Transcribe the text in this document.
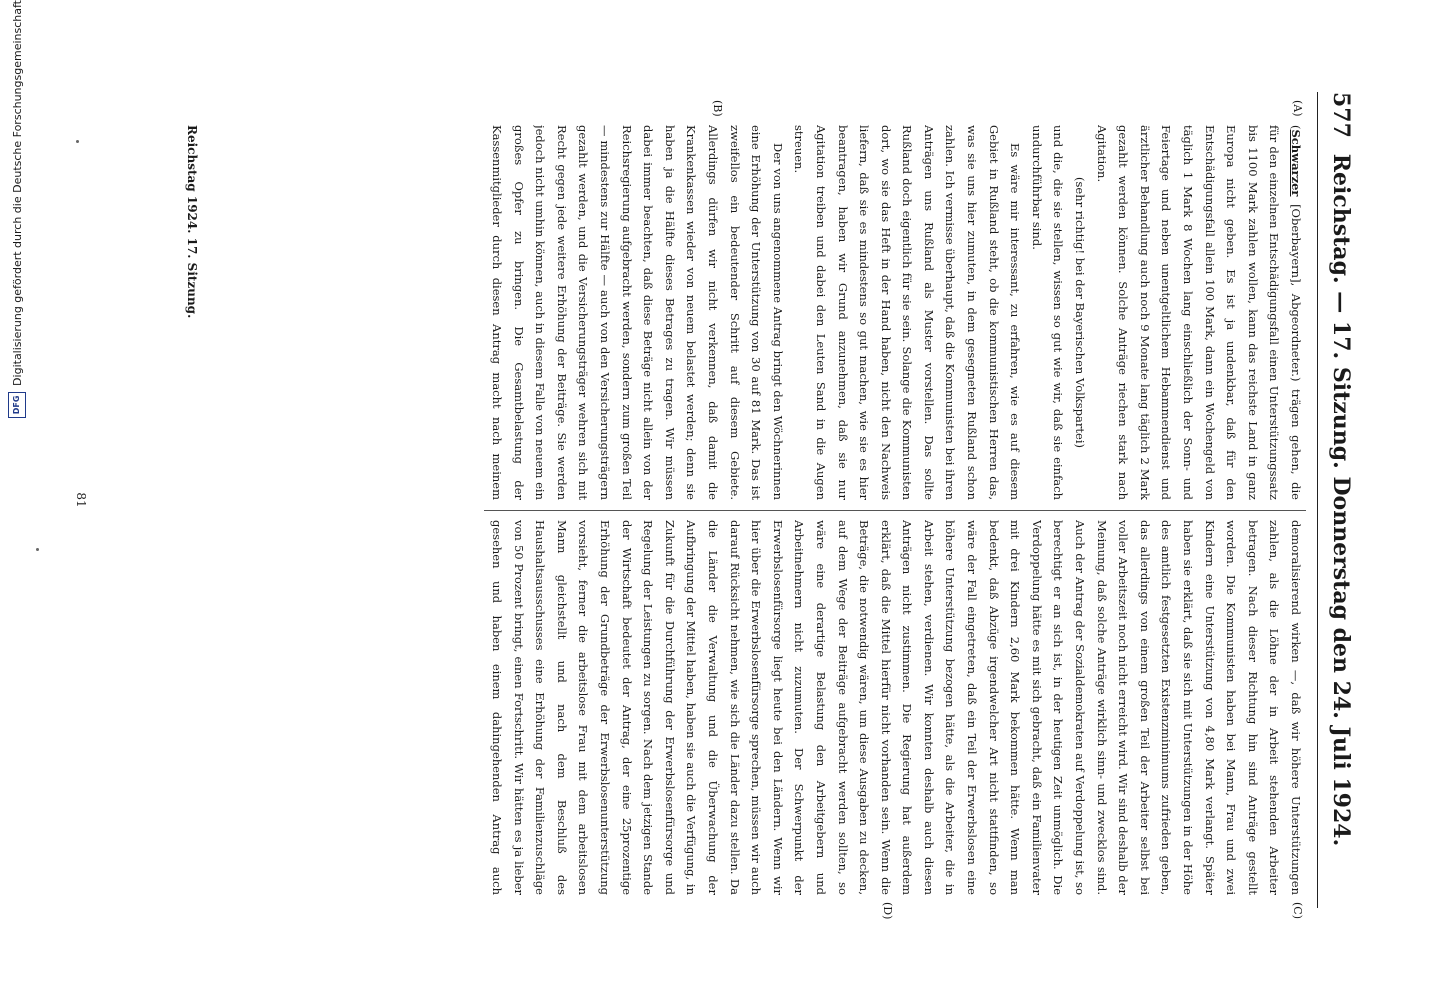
577
Reichstag. — 17. Sitzung. Donnerstag den 24. Juli 1924.
(A)
(B)
(C)
(D)

(Schwarzer [Oberbayern], Abgeordneter.) trägen gehen, die für den einzelnen Entschädigungsfall einen Unterstützungssatz bis 1100 Mark zahlen wollen, kann das reichste Land in ganz Europa nicht geben. Es ist ja undenkbar, daß für den Entschädigungsfall allein 100 Mark, dann ein Wochengeld von täglich 1 Mark 8 Wochen lang einschließlich der Sonn- und Feiertage und neben unentgeltlichem Hebammendienst und ärztlicher Behandlung auch noch 9 Monate lang täglich 2 Mark gezahlt werden können. Solche Anträge riechen stark nach Agitation.

(sehr richtig! bei der Bayerischen Volkspartei)

und die, die sie stellen, wissen so gut wie wir, daß sie einfach undurchführbar sind.

Es wäre mir interessant, zu erfahren, wie es auf diesem Gebiet in Rußland steht, ob die kommunistischen Herren das, was sie uns hier zumuten, in dem gesegneten Rußland schon zahlen. Ich vermisse überhaupt, daß die Kommunisten bei ihren Anträgen uns Rußland als Muster vorstellen. Das sollte Rußland doch eigentlich für sie sein. Solange die Kommunisten dort, wo sie das Heft in der Hand haben, nicht den Nachweis liefern, daß sie es mindestens so gut machen, wie sie es hier beantragen, haben wir Grund anzunehmen, daß sie nur Agitation treiben und dabei den Leuten Sand in die Augen streuen.

Der von uns angenommene Antrag bringt den Wöchnerinnen eine Erhöhung der Unterstützung von 30 auf 81 Mark. Das ist zweifellos ein bedeutender Schritt auf diesem Gebiete. Allerdings dürfen wir nicht verkennen, daß damit die Krankenkassen wieder von neuem belastet werden; denn sie haben ja die Hälfte dieses Betrages zu tragen. Wir müssen dabei immer beachten, daß diese Beträge nicht allein von der Reichsregierung aufgebracht werden, sondern zum großen Teil — mindestens zur Hälfte — auch von den Versicherungsträgern gezahlt werden, und die Versicherungsträger wehren sich mit Recht gegen jede weitere Erhöhung der Beiträge. Sie werden jedoch nicht umhin können, auch in diesem Falle von neuem ein großes Opfer zu bringen. Die Gesamtbelastung der Kassenmitglieder durch diesen Antrag macht nach meinem

demoralisierend wirken —, daß wir höhere Unterstützungen zahlen, als die Löhne der in Arbeit stehenden Arbeiter betragen. Nach dieser Richtung hin sind Anträge gestellt worden. Die Kommunisten haben bei Mann, Frau und zwei Kindern eine Unterstützung von 4,80 Mark verlangt. Später haben sie erklärt, daß sie sich mit Unterstützungen in der Höhe des amtlich festgesetzten Existenzminimums zufrieden geben, das allerdings von einem großen Teil der Arbeiter selbst bei voller Arbeitszeit noch nicht erreicht wird. Wir sind deshalb der Meinung, daß solche Anträge wirklich sinn- und zwecklos sind. Auch der Antrag der Sozialdemokraten auf Verdoppelung ist, so berechtigt er an sich ist, in der heutigen Zeit unmöglich. Die Verdoppelung hätte es mit sich gebracht, daß ein Familienvater mit drei Kindern 2,60 Mark bekommen hätte. Wenn man bedenkt, daß Abzüge irgendwelcher Art nicht stattfinden, so wäre der Fall eingetreten, daß ein Teil der Erwerbslosen eine höhere Unterstützung bezogen hätte, als die Arbeiter, die in Arbeit stehen, verdienen. Wir konnten deshalb auch diesen Anträgen nicht zustimmen. Die Regierung hat außerdem erklärt, daß die Mittel hierfür nicht vorhanden sein. Wenn die Beträge, die notwendig wären, um diese Ausgaben zu decken, auf dem Wege der Beiträge aufgebracht werden sollten, so wäre eine derartige Belastung den Arbeitgebern und Arbeitnehmern nicht zuzumuten. Der Schwerpunkt der Erwerbslosenfürsorge liegt heute bei den Ländern. Wenn wir hier über die Erwerbslosenfürsorge sprechen, müssen wir auch darauf Rücksicht nehmen, wie sich die Länder dazu stellen. Da die Länder die Verwaltung und die Überwachung der Aufbringung der Mittel haben, haben sie auch die Verfügung, in Zukunft für die Durchführung der Erwerbslosenfürsorge und Regelung der Leistungen zu sorgen. Nach dem jetzigen Stande der Wirtschaft bedeutet der Antrag, der eine 25prozentige Erhöhung der Grundbeträge der Erwerbslosenunterstützung vorsieht, ferner die arbeitslose Frau mit dem arbeitslosen Mann gleichstellt und nach dem Beschluß des Haushaltsausschusses eine Erhöhung der Familienzuschläge von 50 Prozent bringt, einen Fortschritt. Wir hätten es ja lieber gesehen und haben einem dahingehenden Antrag auch

Reichstag 1924. 17. Sitzung.
81
Digitalisierung gefördert durch die Deutsche Forschungsgemeinschaft
DFG
